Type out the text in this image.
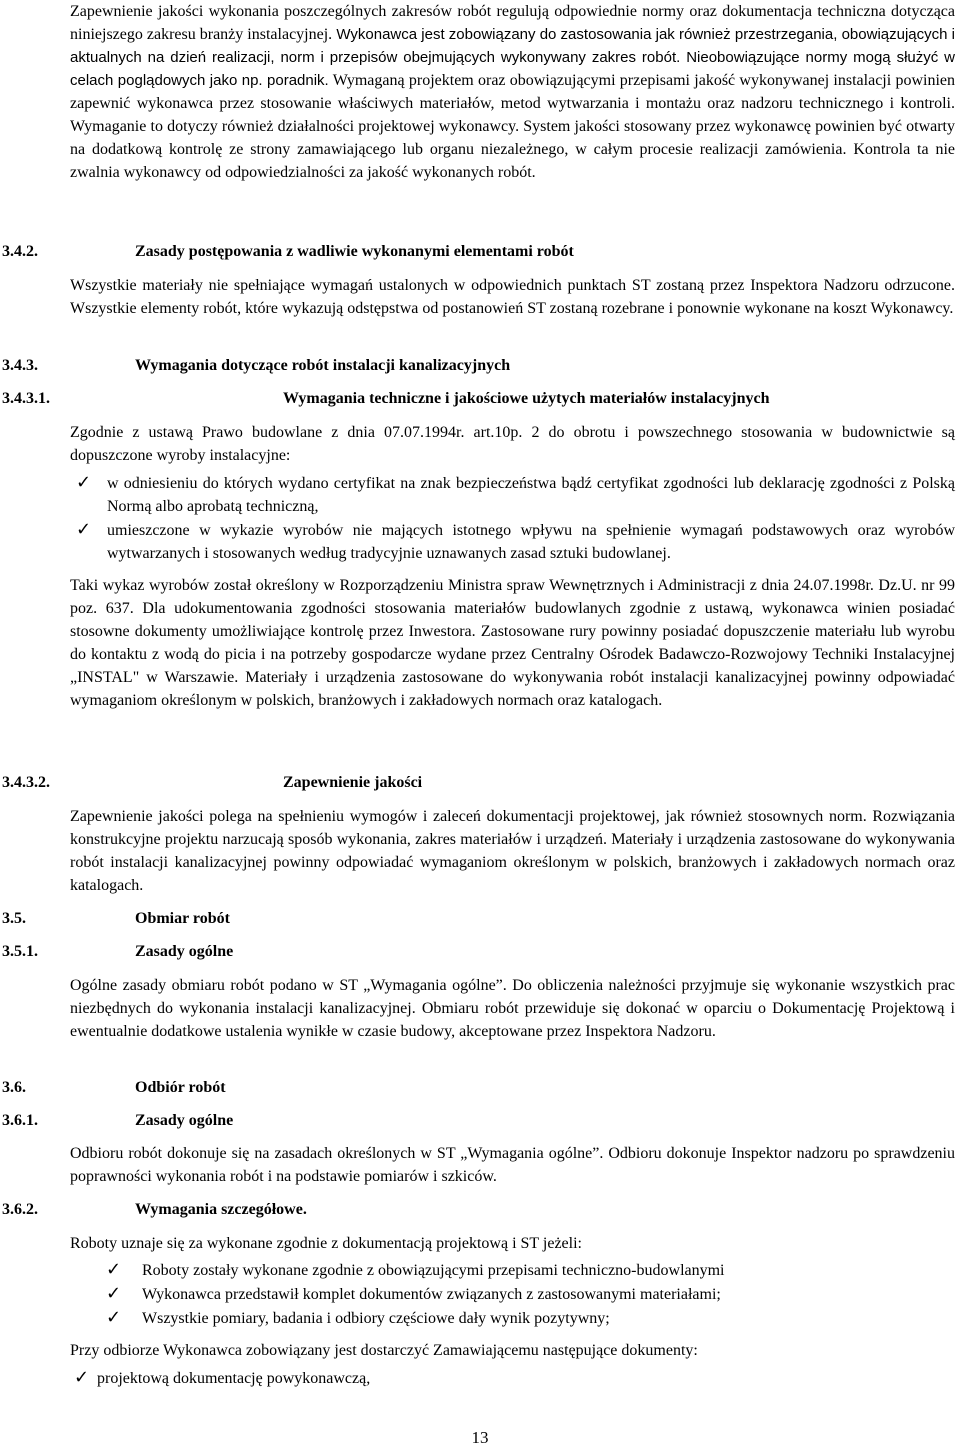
Zapewnienie jakości wykonania poszczególnych zakresów robót regulują odpowiednie normy oraz dokumentacja techniczna dotycząca niniejszego zakresu branży instalacyjnej. Wykonawca jest zobowiązany do zastosowania jak również przestrzegania, obowiązujących i aktualnych na dzień realizacji, norm i przepisów obejmujących wykonywany zakres robót. Nieobowiązujące normy mogą służyć w celach poglądowych jako np. poradnik. Wymaganą projektem oraz obowiązującymi przepisami jakość wykonywanej instalacji powinien zapewnić wykonawca przez stosowanie właściwych materiałów, metod wytwarzania i montażu oraz nadzoru technicznego i kontroli. Wymaganie to dotyczy również działalności projektowej wykonawcy. System jakości stosowany przez wykonawcę powinien być otwarty na dodatkową kontrolę ze strony zamawiającego lub organu niezależnego, w całym procesie realizacji zamówienia. Kontrola ta nie zwalnia wykonawcy od odpowiedzialności za jakość wykonanych robót.

3.4.2.	Zasady postępowania z wadliwie wykonanymi elementami robót

Wszystkie materiały nie spełniające wymagań ustalonych w odpowiednich punktach ST zostaną przez Inspektora Nadzoru odrzucone. Wszystkie elementy robót, które wykazują odstępstwa od postanowień ST zostaną rozebrane i ponownie wykonane na koszt Wykonawcy.

3.4.3.	Wymagania dotyczące robót instalacji kanalizacyjnych
3.4.3.1.	Wymagania techniczne i jakościowe użytych materiałów instalacyjnych

Zgodnie z ustawą Prawo budowlane z dnia 07.07.1994r. art.10p. 2 do obrotu i powszechnego stosowania w budownictwie są dopuszczone wyroby instalacyjne:

✓ w odniesieniu do których wydano certyfikat na znak bezpieczeństwa bądź certyfikat zgodności lub deklarację zgodności z Polską Normą albo aprobatą techniczną,

✓ umieszczone w wykazie wyrobów nie mających istotnego wpływu na spełnienie wymagań podstawowych oraz wyrobów wytwarzanych i stosowanych według tradycyjnie uznawanych zasad sztuki budowlanej.

Taki wykaz wyrobów został określony w Rozporządzeniu Ministra spraw Wewnętrznych i Administracji z dnia 24.07.1998r. Dz.U. nr 99 poz. 637. Dla udokumentowania zgodności stosowania materiałów budowlanych zgodnie z ustawą, wykonawca winien posiadać stosowne dokumenty umożliwiające kontrolę przez Inwestora. Zastosowane rury powinny posiadać dopuszczenie materiału lub wyrobu do kontaktu z wodą do picia i na potrzeby gospodarcze wydane przez Centralny Ośrodek Badawczo-Rozwojowy Techniki Instalacyjnej „INSTAL" w Warszawie. Materiały i urządzenia zastosowane do wykonywania robót instalacji kanalizacyjnej powinny odpowiadać wymaganiom określonym w polskich, branżowych i zakładowych normach oraz katalogach.

3.4.3.2.	Zapewnienie jakości

Zapewnienie jakości polega na spełnieniu wymogów i zaleceń dokumentacji projektowej, jak również stosownych norm. Rozwiązania konstrukcyjne projektu narzucają sposób wykonania, zakres materiałów i urządzeń. Materiały i urządzenia zastosowane do wykonywania robót instalacji kanalizacyjnej powinny odpowiadać wymaganiom określonym w polskich, branżowych i zakładowych normach oraz katalogach.

3.5.	Obmiar robót
3.5.1.	Zasady ogólne

Ogólne zasady obmiaru robót podano w ST „Wymagania ogólne”. Do obliczenia należności przyjmuje się wykonanie wszystkich prac niezbędnych do wykonania instalacji kanalizacyjnej. Obmiaru robót przewiduje się dokonać w oparciu o Dokumentację Projektową i ewentualnie dodatkowe ustalenia wynikłe w czasie budowy, akceptowane przez Inspektora Nadzoru.

3.6.	Odbiór robót
3.6.1.	Zasady ogólne

Odbioru robót dokonuje się na zasadach określonych w ST „Wymagania ogólne”. Odbioru dokonuje Inspektor nadzoru po sprawdzeniu poprawności wykonania robót i na podstawie pomiarów i szkiców.

3.6.2.	Wymagania szczegółowe.

Roboty uznaje się za wykonane zgodnie z dokumentacją projektową i ST jeżeli:

✓ Roboty zostały wykonane zgodnie z obowiązującymi przepisami techniczno-budowlanymi

✓ Wykonawca przedstawił komplet dokumentów związanych z zastosowanymi materiałami;

✓ Wszystkie pomiary, badania i odbiory częściowe dały wynik pozytywny;

Przy odbiorze Wykonawca zobowiązany jest dostarczyć Zamawiającemu następujące dokumenty:

✓ projektową dokumentację powykonawczą,

13
